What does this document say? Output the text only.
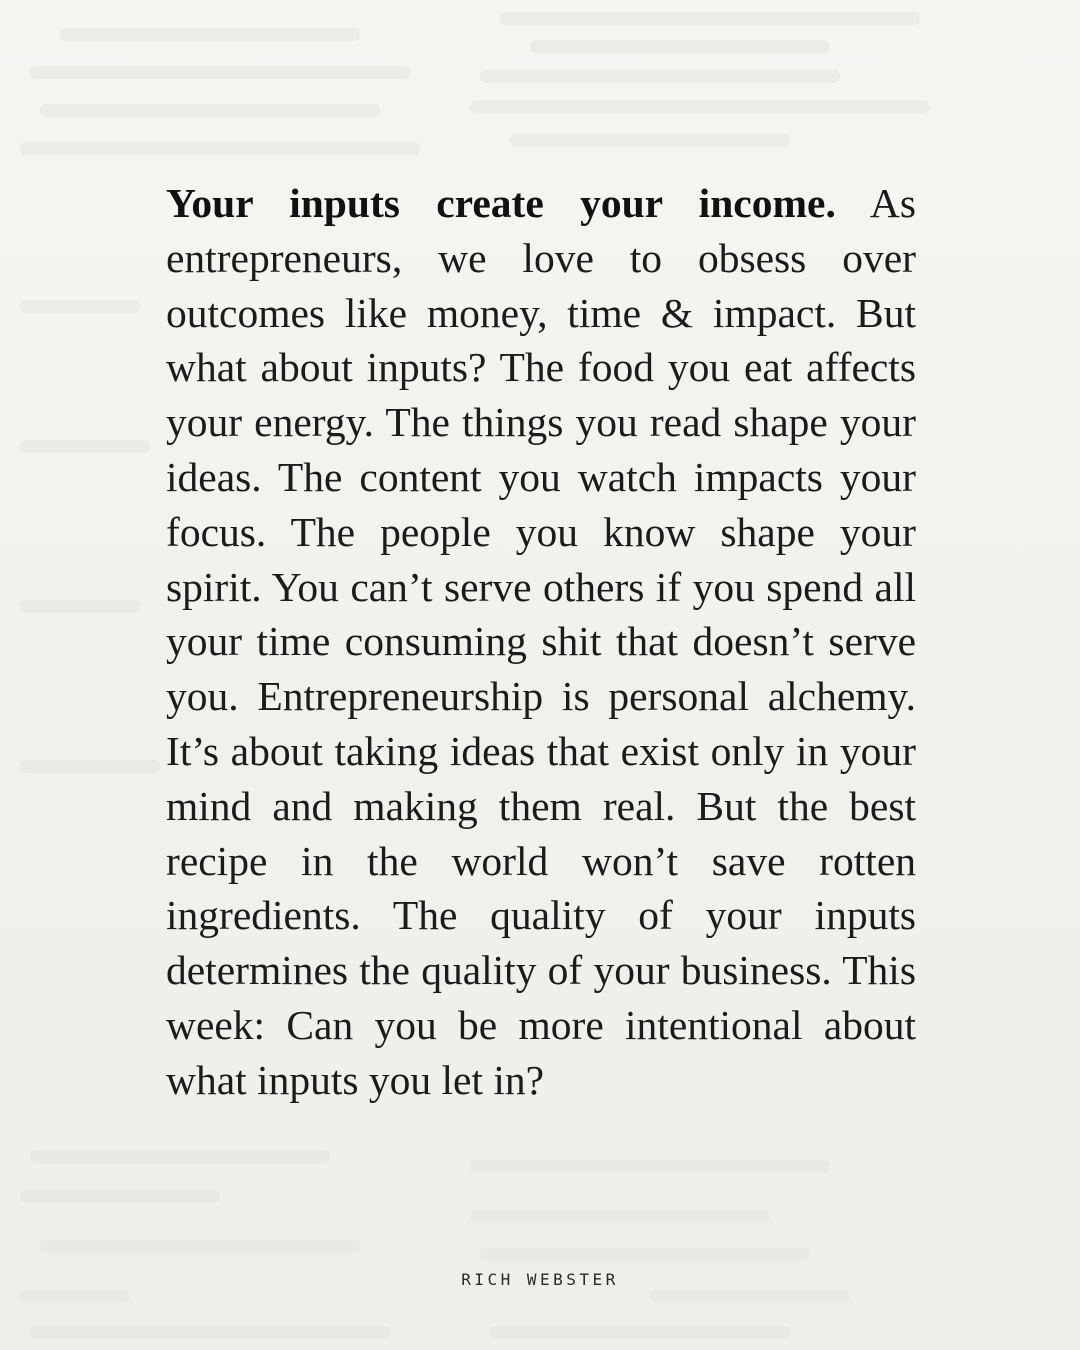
Your inputs create your income. As entrepreneurs, we love to obsess over outcomes like money, time & impact. But what about inputs? The food you eat affects your energy. The things you read shape your ideas. The content you watch impacts your focus. The people you know shape your spirit. You can’t serve others if you spend all your time consuming shit that doesn’t serve you. Entrepreneurship is personal alchemy. It’s about taking ideas that exist only in your mind and making them real. But the best recipe in the world won’t save rotten ingredients. The quality of your inputs determines the quality of your business. This week: Can you be more intentional about what inputs you let in?

RICH WEBSTER
